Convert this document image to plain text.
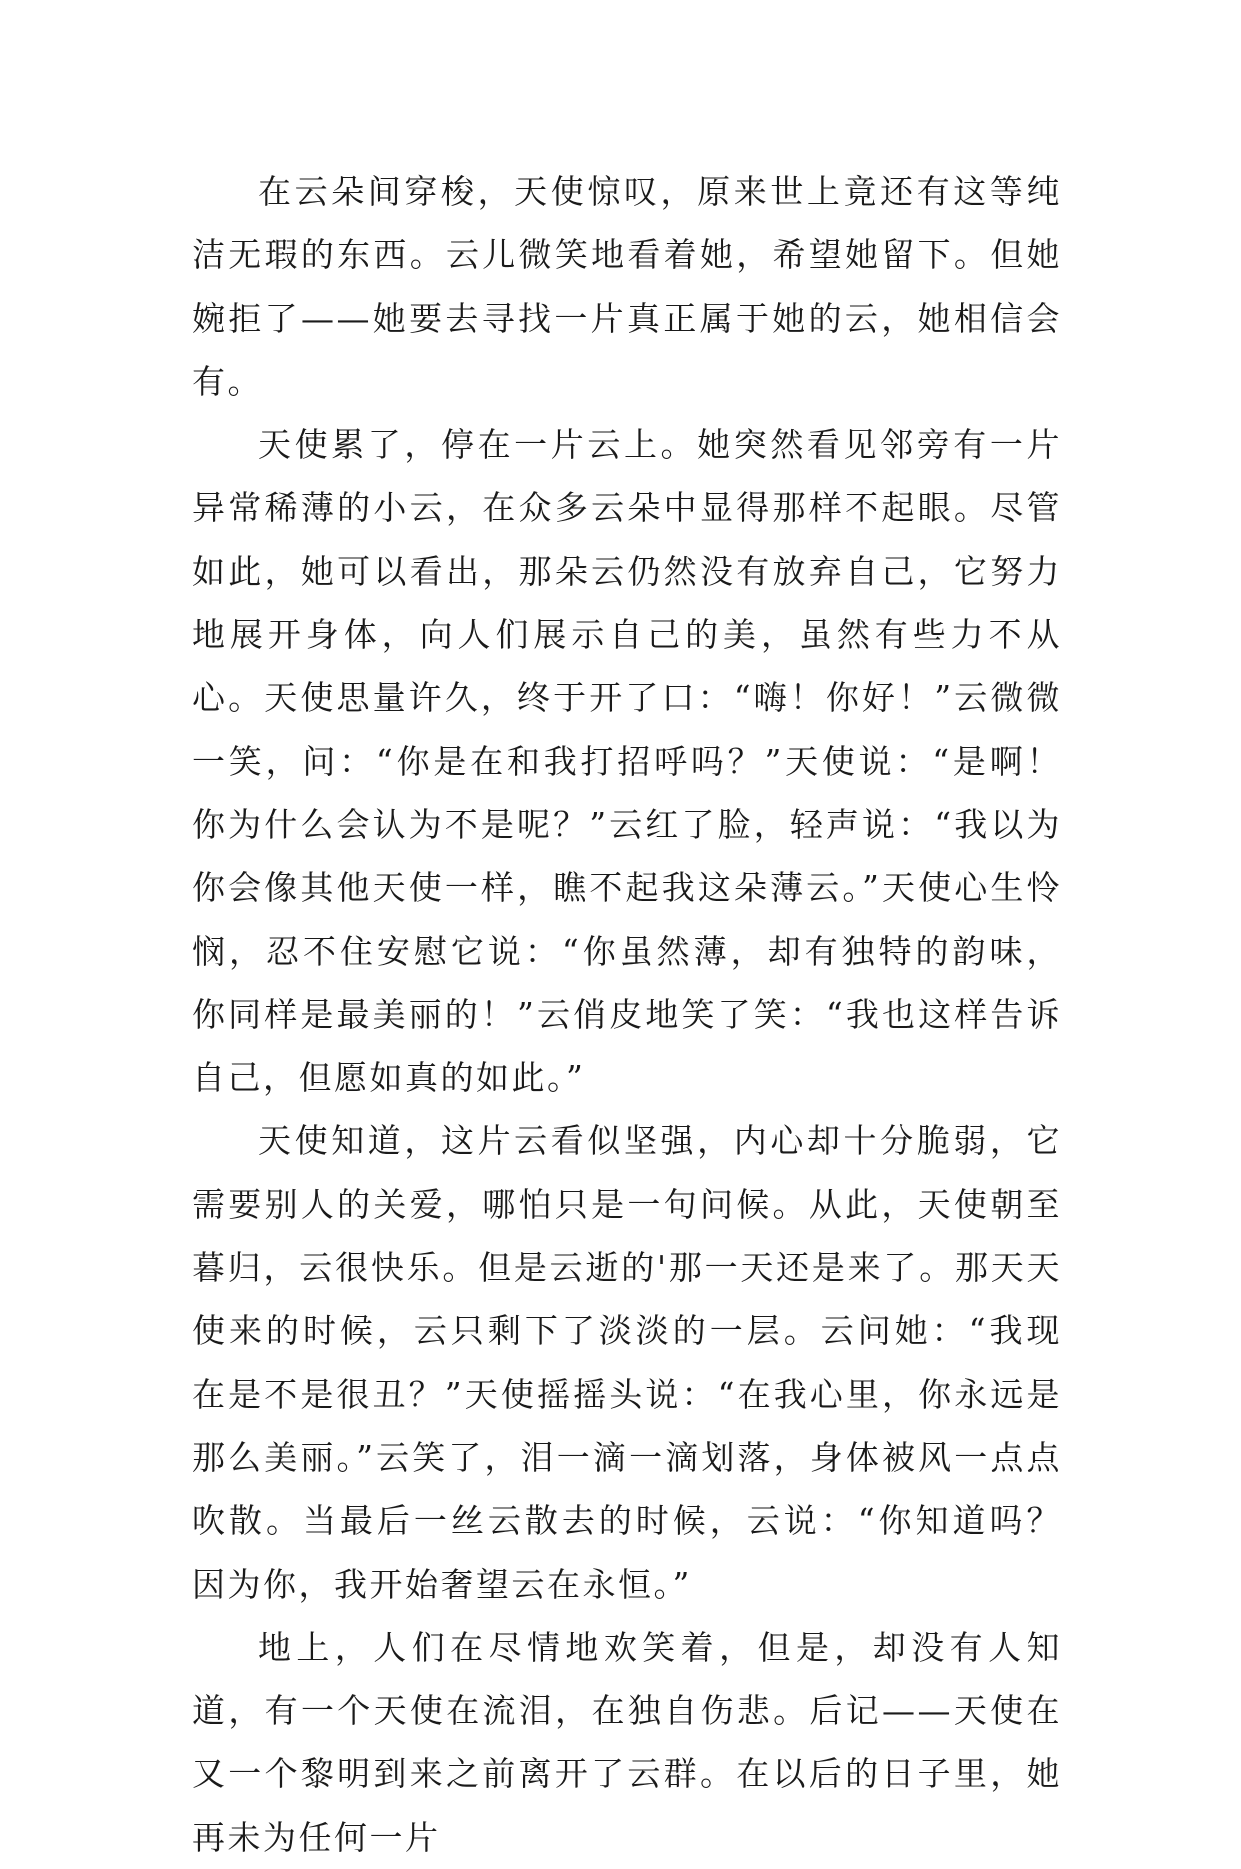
在云朵间穿梭，天使惊叹，原来世上竟还有这等纯洁无瑕的东西。云儿微笑地看着她，希望她留下。但她婉拒了——她要去寻找一片真正属于她的云，她相信会有。

天使累了，停在一片云上。她突然看见邻旁有一片异常稀薄的小云，在众多云朵中显得那样不起眼。尽管如此，她可以看出，那朵云仍然没有放弃自己，它努力地展开身体，向人们展示自己的美，虽然有些力不从心。天使思量许久，终于开了口：“嗨！你好！”云微微一笑，问：“你是在和我打招呼吗？”天使说：“是啊！你为什么会认为不是呢？”云红了脸，轻声说：“我以为你会像其他天使一样，瞧不起我这朵薄云。”天使心生怜悯，忍不住安慰它说：“你虽然薄，却有独特的韵味，你同样是最美丽的！”云俏皮地笑了笑：“我也这样告诉自己，但愿如真的如此。”

天使知道，这片云看似坚强，内心却十分脆弱，它需要别人的关爱，哪怕只是一句问候。从此，天使朝至暮归，云很快乐。但是云逝的'那一天还是来了。那天天使来的时候，云只剩下了淡淡的一层。云问她：“我现在是不是很丑？”天使摇摇头说：“在我心里，你永远是那么美丽。”云笑了，泪一滴一滴划落，身体被风一点点吹散。当最后一丝云散去的时候，云说：“你知道吗？因为你，我开始奢望云在永恒。”

地上，人们在尽情地欢笑着，但是，却没有人知道，有一个天使在流泪，在独自伤悲。后记——天使在又一个黎明到来之前离开了云群。在以后的日子里，她再未为任何一片
